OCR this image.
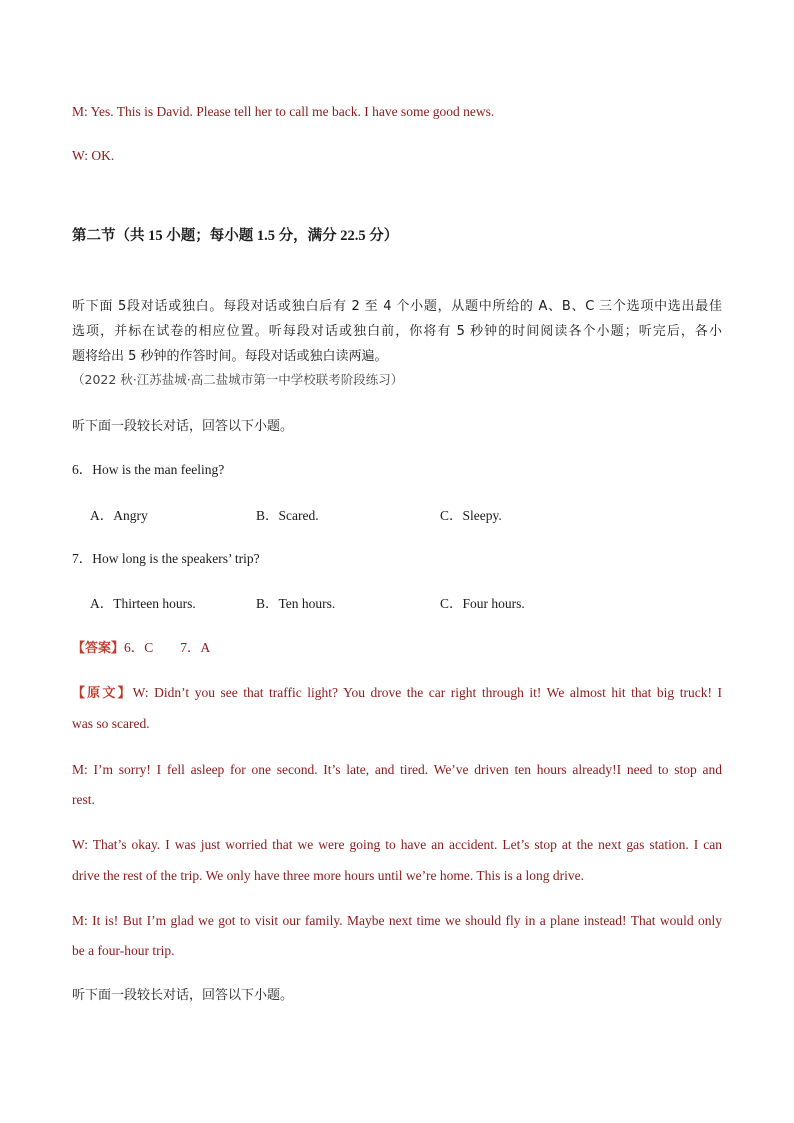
M: Yes. This is David. Please tell her to call me back. I have some good news.
W: OK.
第二节（共 15 小题；每小题 1.5 分，满分 22.5 分）
听下面 5段对话或独白。每段对话或独白后有 2 至 4 个小题，从题中所给的 A、B、C 三个选项中选出最佳
选项，并标在试卷的相应位置。听每段对话或独白前，你将有 5 秒钟的时间阅读各个小题；听完后，各小
题将给出 5 秒钟的作答时间。每段对话或独白读两遍。
（2022 秋·江苏盐城·高二盐城市第一中学校联考阶段练习）
听下面一段较长对话，回答以下小题。
6．How is the man feeling?
A．Angry	B．Scared.	C．Sleepy.
7．How long is the speakers’ trip?
A．Thirteen hours.	B．Ten hours.	C．Four hours.
【答案】6．C　　7．A
【原文】W: Didn’t you see that traffic light? You drove the car right through it! We almost hit that big truck! I
was so scared.
M: I’m sorry! I fell asleep for one second. It’s late, and tired. We’ve driven ten hours already!I need to stop and
rest.
W: That’s okay. I was just worried that we were going to have an accident. Let’s stop at the next gas station. I can
drive the rest of the trip. We only have three more hours until we’re home. This is a long drive.
M: It is! But I’m glad we got to visit our family. Maybe next time we should fly in a plane instead! That would only
be a four-hour trip.
听下面一段较长对话，回答以下小题。
